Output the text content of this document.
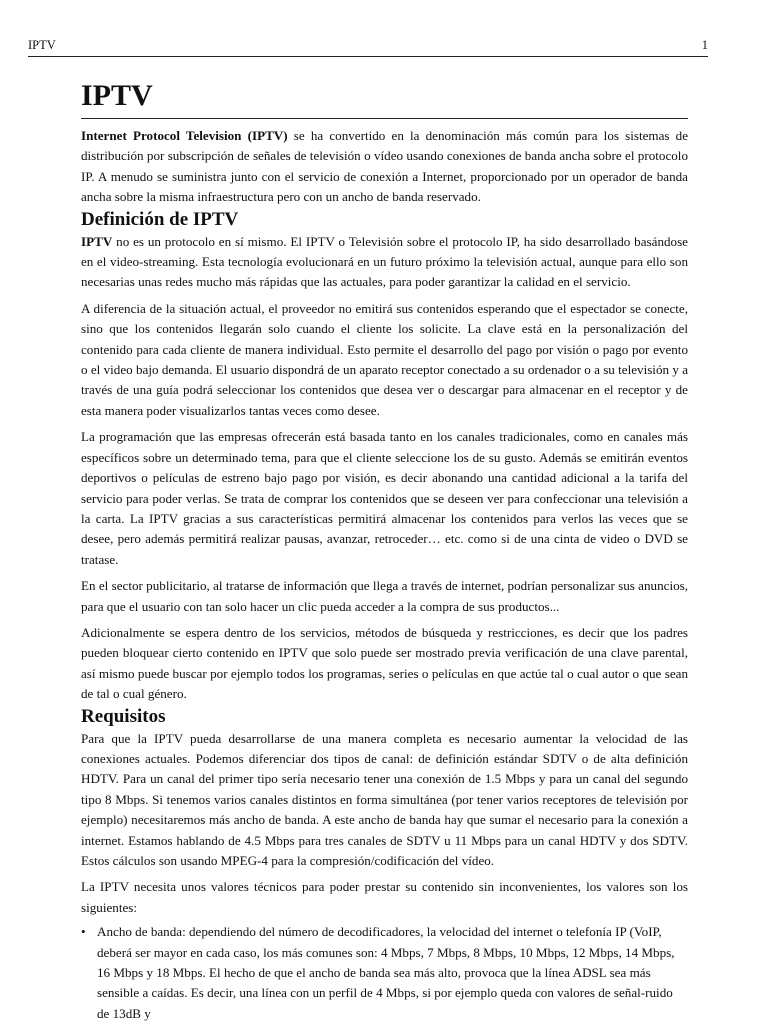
IPTV	1
IPTV

Internet Protocol Television (IPTV) se ha convertido en la denominación más común para los sistemas de distribución por subscripción de señales de televisión o vídeo usando conexiones de banda ancha sobre el protocolo IP. A menudo se suministra junto con el servicio de conexión a Internet, proporcionado por un operador de banda ancha sobre la misma infraestructura pero con un ancho de banda reservado.

Definición de IPTV

IPTV no es un protocolo en sí mismo. El IPTV o Televisión sobre el protocolo IP, ha sido desarrollado basándose en el video-streaming. Esta tecnología evolucionará en un futuro próximo la televisión actual, aunque para ello son necesarias unas redes mucho más rápidas que las actuales, para poder garantizar la calidad en el servicio.

A diferencia de la situación actual, el proveedor no emitirá sus contenidos esperando que el espectador se conecte, sino que los contenidos llegarán solo cuando el cliente los solicite. La clave está en la personalización del contenido para cada cliente de manera individual. Esto permite el desarrollo del pago por visión o pago por evento o el video bajo demanda. El usuario dispondrá de un aparato receptor conectado a su ordenador o a su televisión y a través de una guía podrá seleccionar los contenidos que desea ver o descargar para almacenar en el receptor y de esta manera poder visualizarlos tantas veces como desee.

La programación que las empresas ofrecerán está basada tanto en los canales tradicionales, como en canales más específicos sobre un determinado tema, para que el cliente seleccione los de su gusto. Además se emitirán eventos deportivos o películas de estreno bajo pago por visión, es decir abonando una cantidad adicional a la tarifa del servicio para poder verlas. Se trata de comprar los contenidos que se deseen ver para confeccionar una televisión a la carta. La IPTV gracias a sus características permitirá almacenar los contenidos para verlos las veces que se desee, pero además permitirá realizar pausas, avanzar, retroceder… etc. como si de una cinta de video o DVD se tratase.

En el sector publicitario, al tratarse de información que llega a través de internet, podrían personalizar sus anuncios, para que el usuario con tan solo hacer un clic pueda acceder a la compra de sus productos...

Adicionalmente se espera dentro de los servicios, métodos de búsqueda y restricciones, es decir que los padres pueden bloquear cierto contenido en IPTV que solo puede ser mostrado previa verificación de una clave parental, así mismo puede buscar por ejemplo todos los programas, series o películas en que actúe tal o cual autor o que sean de tal o cual género.

Requisitos

Para que la IPTV pueda desarrollarse de una manera completa es necesario aumentar la velocidad de las conexiones actuales. Podemos diferenciar dos tipos de canal: de definición estándar SDTV o de alta definición HDTV. Para un canal del primer tipo sería necesario tener una conexión de 1.5 Mbps y para un canal del segundo tipo 8 Mbps. Si tenemos varios canales distintos en forma simultánea (por tener varios receptores de televisión por ejemplo) necesitaremos más ancho de banda. A este ancho de banda hay que sumar el necesario para la conexión a internet. Estamos hablando de 4.5 Mbps para tres canales de SDTV u 11 Mbps para un canal HDTV y dos SDTV. Estos cálculos son usando MPEG-4 para la compresión/codificación del vídeo.

La IPTV necesita unos valores técnicos para poder prestar su contenido sin inconvenientes, los valores son los siguientes:

• Ancho de banda: dependiendo del número de decodificadores, la velocidad del internet o telefonía IP (VoIP, deberá ser mayor en cada caso, los más comunes son: 4 Mbps, 7 Mbps, 8 Mbps, 10 Mbps, 12 Mbps, 14 Mbps, 16 Mbps y 18 Mbps. El hecho de que el ancho de banda sea más alto, provoca que la línea ADSL sea más sensible a caídas. Es decir, una línea con un perfil de 4 Mbps, si por ejemplo queda con valores de señal-ruido de 13dB y
